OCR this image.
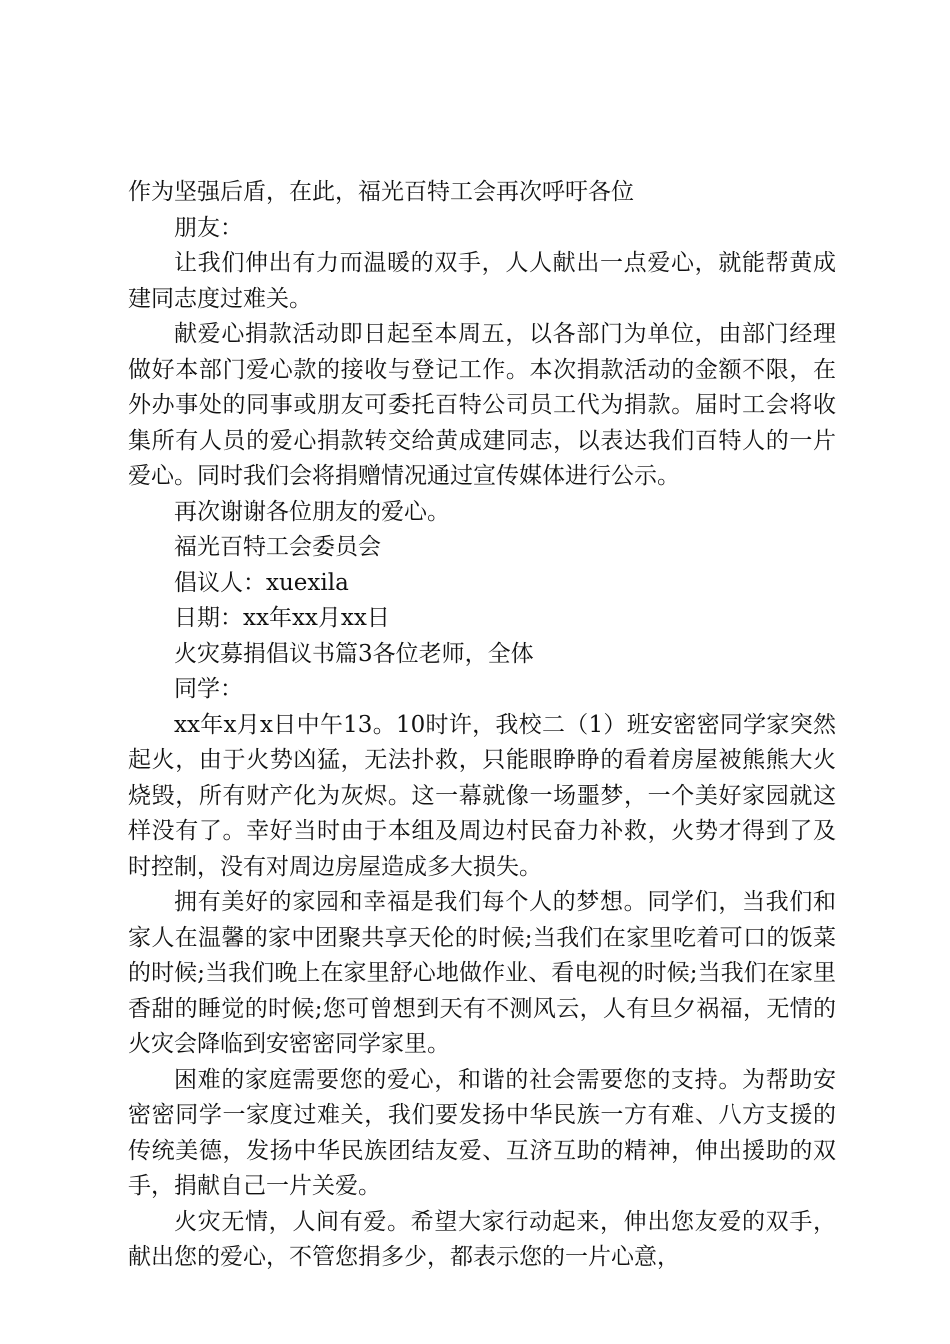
作为坚强后盾，在此，福光百特工会再次呼吁各位

朋友：

让我们伸出有力而温暖的双手，人人献出一点爱心，就能帮黄成建同志度过难关。

献爱心捐款活动即日起至本周五，以各部门为单位，由部门经理做好本部门爱心款的接收与登记工作。本次捐款活动的金额不限，在外办事处的同事或朋友可委托百特公司员工代为捐款。届时工会将收集所有人员的爱心捐款转交给黄成建同志，以表达我们百特人的一片爱心。同时我们会将捐赠情况通过宣传媒体进行公示。

再次谢谢各位朋友的爱心。

福光百特工会委员会

倡议人：xuexila

日期：xx年xx月xx日

火灾募捐倡议书篇3各位老师，全体

同学：

xx年x月x日中午13。10时许，我校二（1）班安密密同学家突然起火，由于火势凶猛，无法扑救，只能眼睁睁的看着房屋被熊熊大火烧毁，所有财产化为灰烬。这一幕就像一场噩梦，一个美好家园就这样没有了。幸好当时由于本组及周边村民奋力补救，火势才得到了及时控制，没有对周边房屋造成多大损失。

拥有美好的家园和幸福是我们每个人的梦想。同学们，当我们和家人在温馨的家中团聚共享天伦的时候;当我们在家里吃着可口的饭菜的时候;当我们晚上在家里舒心地做作业、看电视的时候;当我们在家里香甜的睡觉的时候;您可曾想到天有不测风云，人有旦夕祸福，无情的火灾会降临到安密密同学家里。

困难的家庭需要您的爱心，和谐的社会需要您的支持。为帮助安密密同学一家度过难关，我们要发扬中华民族一方有难、八方支援的传统美德，发扬中华民族团结友爱、互济互助的精神，伸出援助的双手，捐献自己一片关爱。

火灾无情，人间有爱。希望大家行动起来，伸出您友爱的双手，献出您的爱心，不管您捐多少，都表示您的一片心意，
